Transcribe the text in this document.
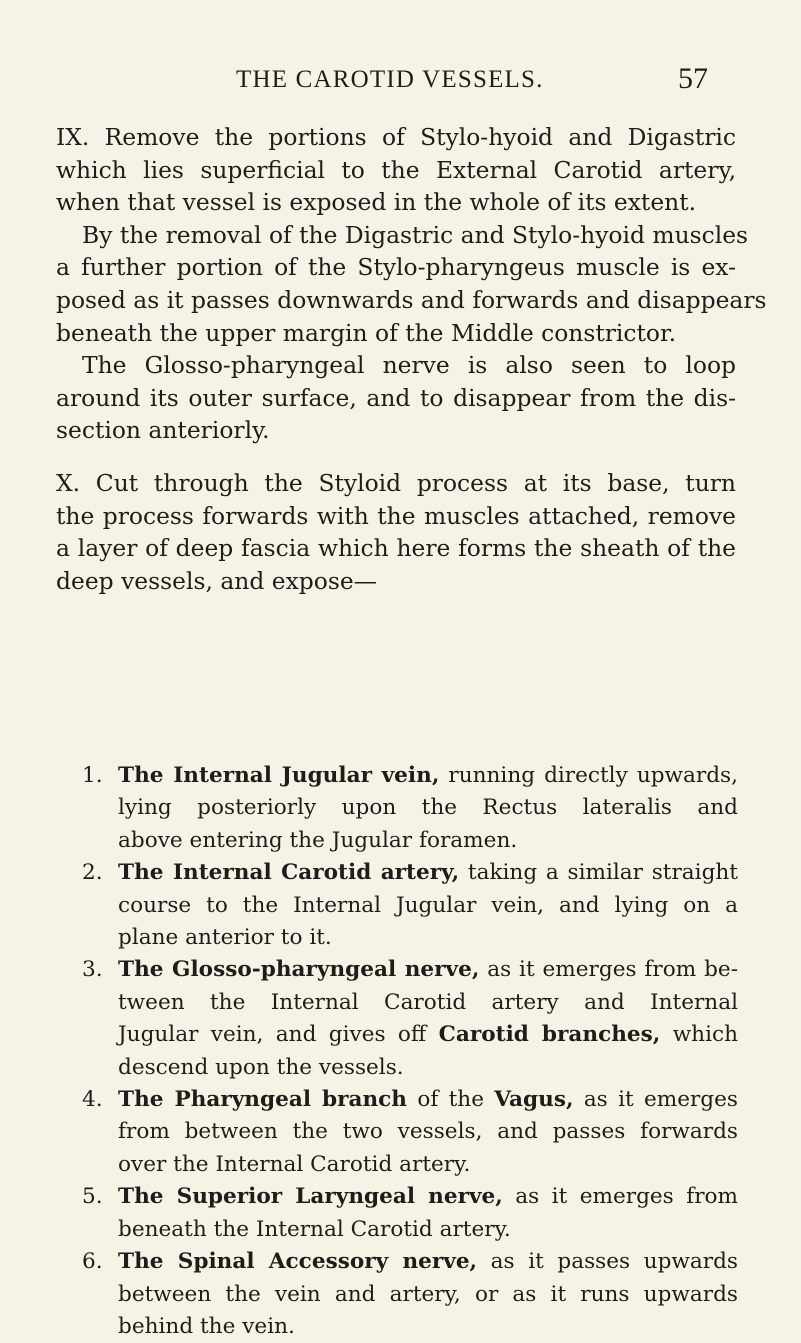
THE CAROTID VESSELS.	57
IX. Remove the portions of Stylo-hyoid and Digastric
which lies superficial to the External Carotid artery,
when that vessel is exposed in the whole of its extent.
By the removal of the Digastric and Stylo-hyoid muscles
a further portion of the Stylo-pharyngeus muscle is ex-
posed as it passes downwards and forwards and disappears
beneath the upper margin of the Middle constrictor.
The Glosso-pharyngeal nerve is also seen to loop
around its outer surface, and to disappear from the dis-
section anteriorly.
X. Cut through the Styloid process at its base, turn
the process forwards with the muscles attached, remove
a layer of deep fascia which here forms the sheath of the
deep vessels, and expose—
1. The Internal Jugular vein, running directly upwards,
lying posteriorly upon the Rectus lateralis and
above entering the Jugular foramen.
2. The Internal Carotid artery, taking a similar straight
course to the Internal Jugular vein, and lying on a
plane anterior to it.
3. The Glosso-pharyngeal nerve, as it emerges from be-
tween the Internal Carotid artery and Internal
Jugular vein, and gives off Carotid branches, which
descend upon the vessels.
4. The Pharyngeal branch of the Vagus, as it emerges
from between the two vessels, and passes forwards
over the Internal Carotid artery.
5. The Superior Laryngeal nerve, as it emerges from
beneath the Internal Carotid artery.
6. The Spinal Accessory nerve, as it passes upwards
between the vein and artery, or as it runs upwards
behind the vein.
